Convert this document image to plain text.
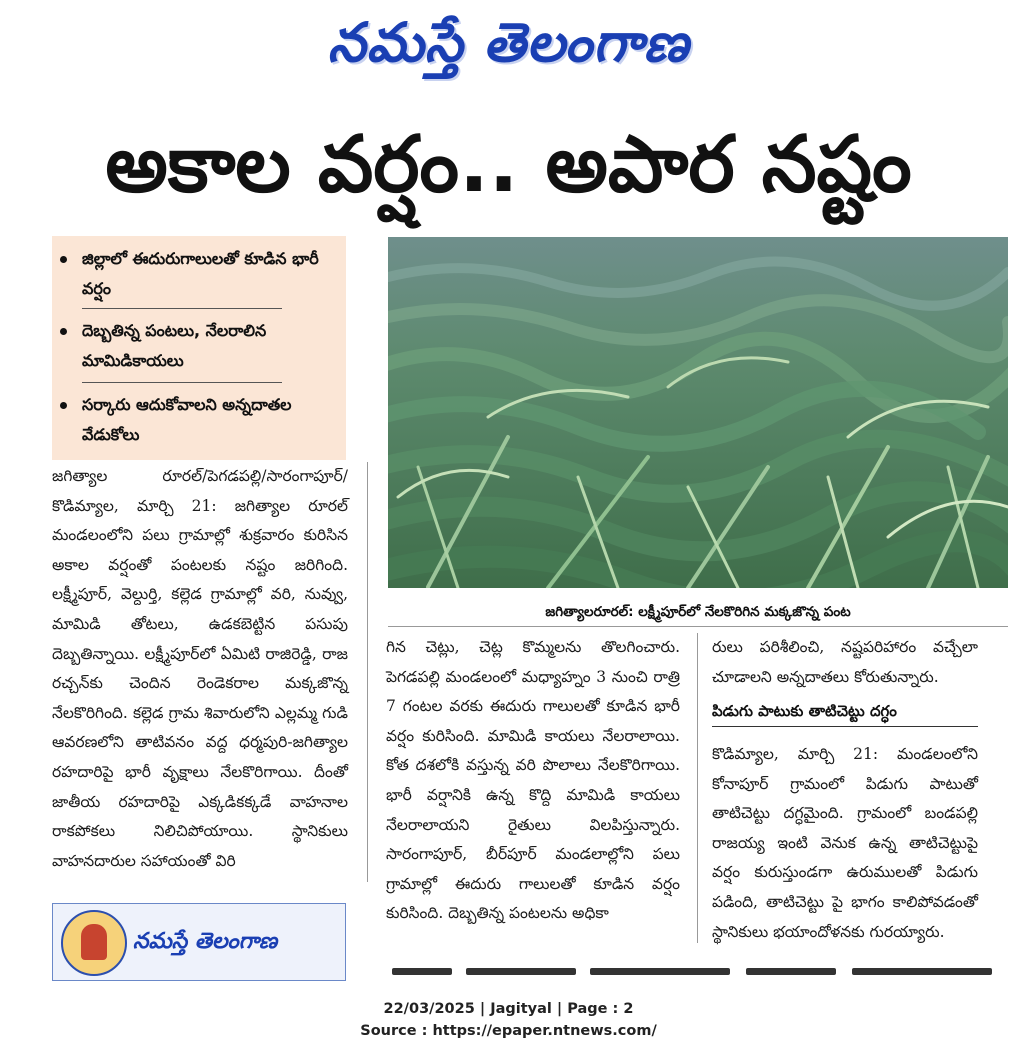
నమస్తే తెలంగాణ
అకాల వర్షం.. అపార నష్టం
జిల్లాలో ఈదురుగాలులతో కూడిన భారీ వర్షం
దెబ్బతిన్న పంటలు, నేలరాలిన మామిడికాయలు
సర్కారు ఆదుకోవాలని అన్నదాతల వేడుకోలు
జగిత్యాలరూరల్‌: లక్ష్మీపూర్‌లో నేలకొరిగిన మక్కజొన్న పంట
జగిత్యాల రూరల్‌/పెగడపల్లి/సారంగాపూర్‌/కొడిమ్యాల, మార్చి 21: జగిత్యాల రూరల్‌ మండలంలోని పలు గ్రామాల్లో శుక్రవారం కురిసిన అకాల వర్షంతో పంటలకు నష్టం జరిగింది. లక్ష్మీపూర్‌, వెల్దుర్తి, కల్లెడ గ్రామాల్లో వరి, నువ్వు, మామిడి తోటలు, ఉడకబెట్టిన పసుపు దెబ్బతిన్నాయి. లక్ష్మీపూర్‌లో ఏమిటి రాజిరెడ్డి, రాజ రచ్చన్‌కు చెందిన రెండెకరాల మక్కజొన్న నేలకొరిగింది. కల్లెడ గ్రామ శివారులోని ఎల్లమ్మ గుడి ఆవరణలోని తాటివనం వద్ద ధర్మపురి-జగిత్యాల రహదారిపై భారీ వృక్షాలు నేలకొరిగాయి. దీంతో జాతీయ రహదారిపై ఎక్కడికక్కడే వాహనాల రాకపోకలు నిలిచిపోయాయి. స్థానికులు వాహనదారుల సహాయంతో విరి
గిన చెట్లు, చెట్ల కొమ్మలను తొలగించారు. పెగడపల్లి మండలంలో మధ్యాహ్నం 3 నుంచి రాత్రి 7 గంటల వరకు ఈదురు గాలులతో కూడిన భారీ వర్షం కురిసింది. మామిడి కాయలు నేలరాలాయి. కోత దశలోకి వస్తున్న వరి పొలాలు నేలకొరిగాయి. భారీ వర్షానికి ఉన్న కొద్ది మామిడి కాయలు నేలరాలాయని రైతులు విలపిస్తున్నారు. సారంగాపూర్‌, బీర్‌పూర్‌ మండలాల్లోని పలు గ్రామాల్లో ఈదురు గాలులతో కూడిన వర్షం కురిసింది. దెబ్బతిన్న పంటలను అధికా
రులు పరిశీలించి, నష్టపరిహారం వచ్చేలా చూడాలని అన్నదాతలు కోరుతున్నారు.
పిడుగు పాటుకు తాటిచెట్టు దగ్ధం
కొడిమ్యాల, మార్చి 21: మండలంలోని కోనాపూర్‌ గ్రామంలో పిడుగు పాటుతో తాటిచెట్టు దగ్ధమైంది. గ్రామంలో బండపల్లి రాజయ్య ఇంటి వెనుక ఉన్న తాటిచెట్టుపై వర్షం కురుస్తుండగా ఉరుములతో పిడుగు పడింది, తాటిచెట్టు పై భాగం కాలిపోవడంతో స్థానికులు భయాందోళనకు గురయ్యారు.
నమస్తే తెలంగాణ
22/03/2025 | Jagityal | Page : 2
Source : https://epaper.ntnews.com/
